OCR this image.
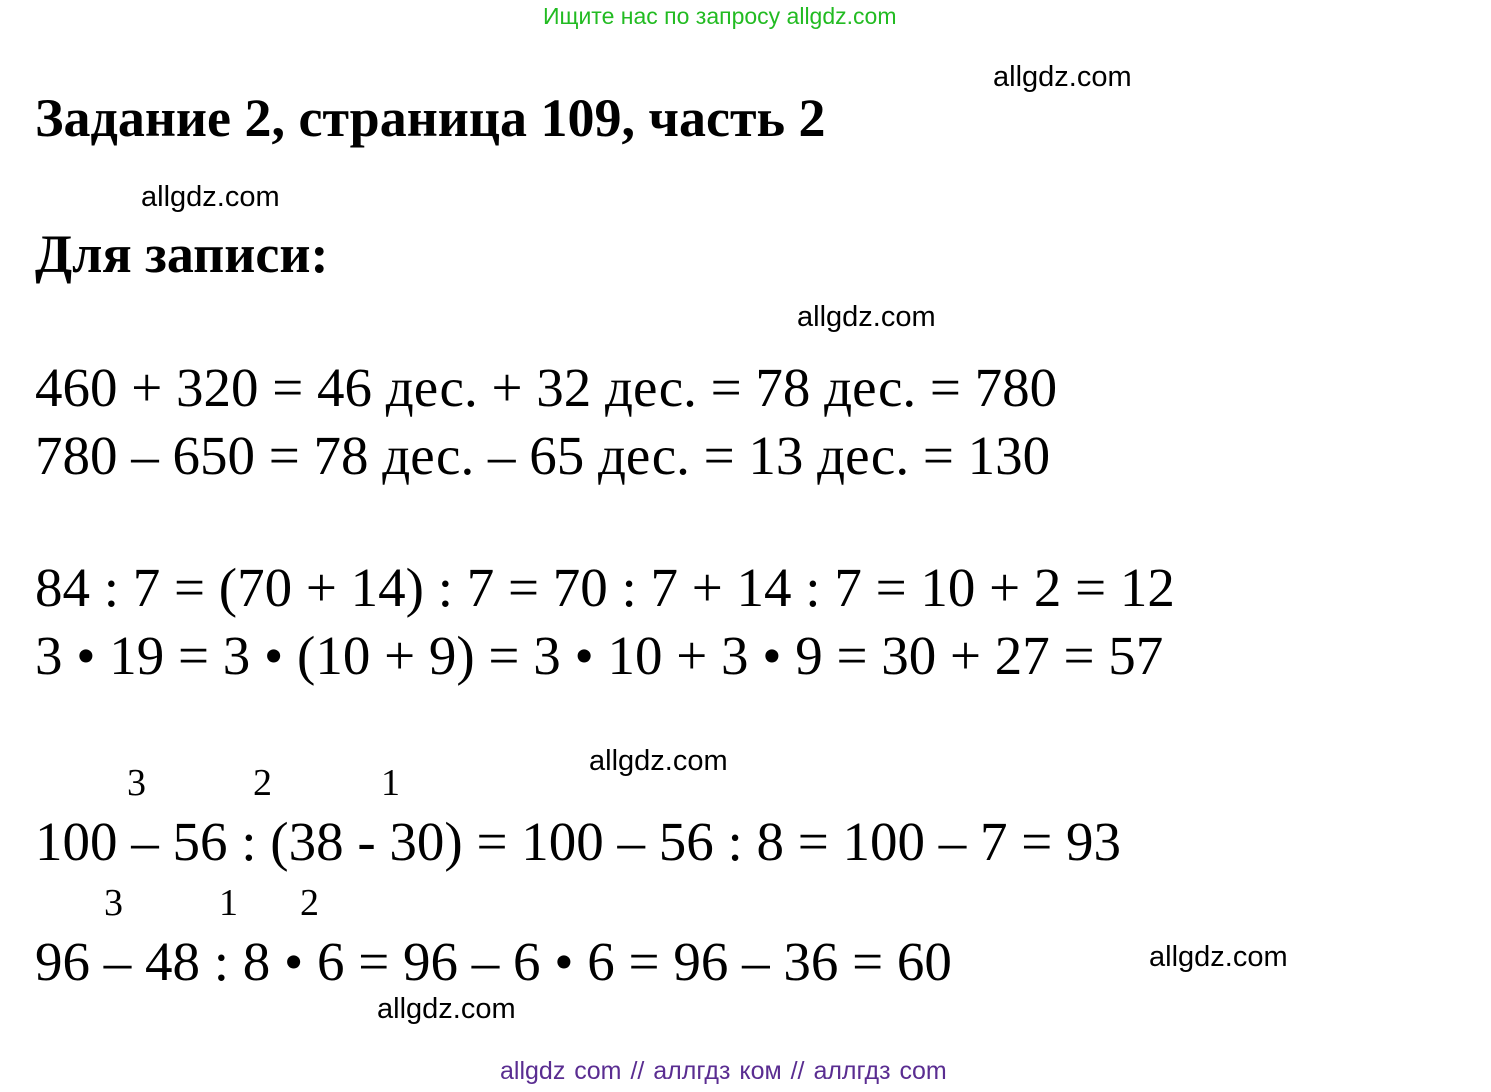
Ищите нас по запросу allgdz.com
allgdz.com
Задание 2, страница 109, часть 2
allgdz.com
Для записи:
allgdz.com
460 + 320 = 46 дес. + 32 дес. = 78 дес. = 780
780 – 650 = 78 дес. – 65 дес. = 13 дес. = 130
84 : 7 = (70 + 14) : 7 = 70 : 7 + 14 : 7 = 10 + 2 = 12
3 • 19 = 3 • (10 + 9) = 3 • 10 + 3 • 9 = 30 + 27 = 57
allgdz.com
3	2	1
100 – 56 : (38 - 30) = 100 – 56 : 8 = 100 – 7 = 93
3	1 2
96 – 48 : 8 • 6 = 96 – 6 • 6 = 96 – 36 = 60	allgdz.com
allgdz.com
allgdz com // аллгдз ком // аллгдз com
